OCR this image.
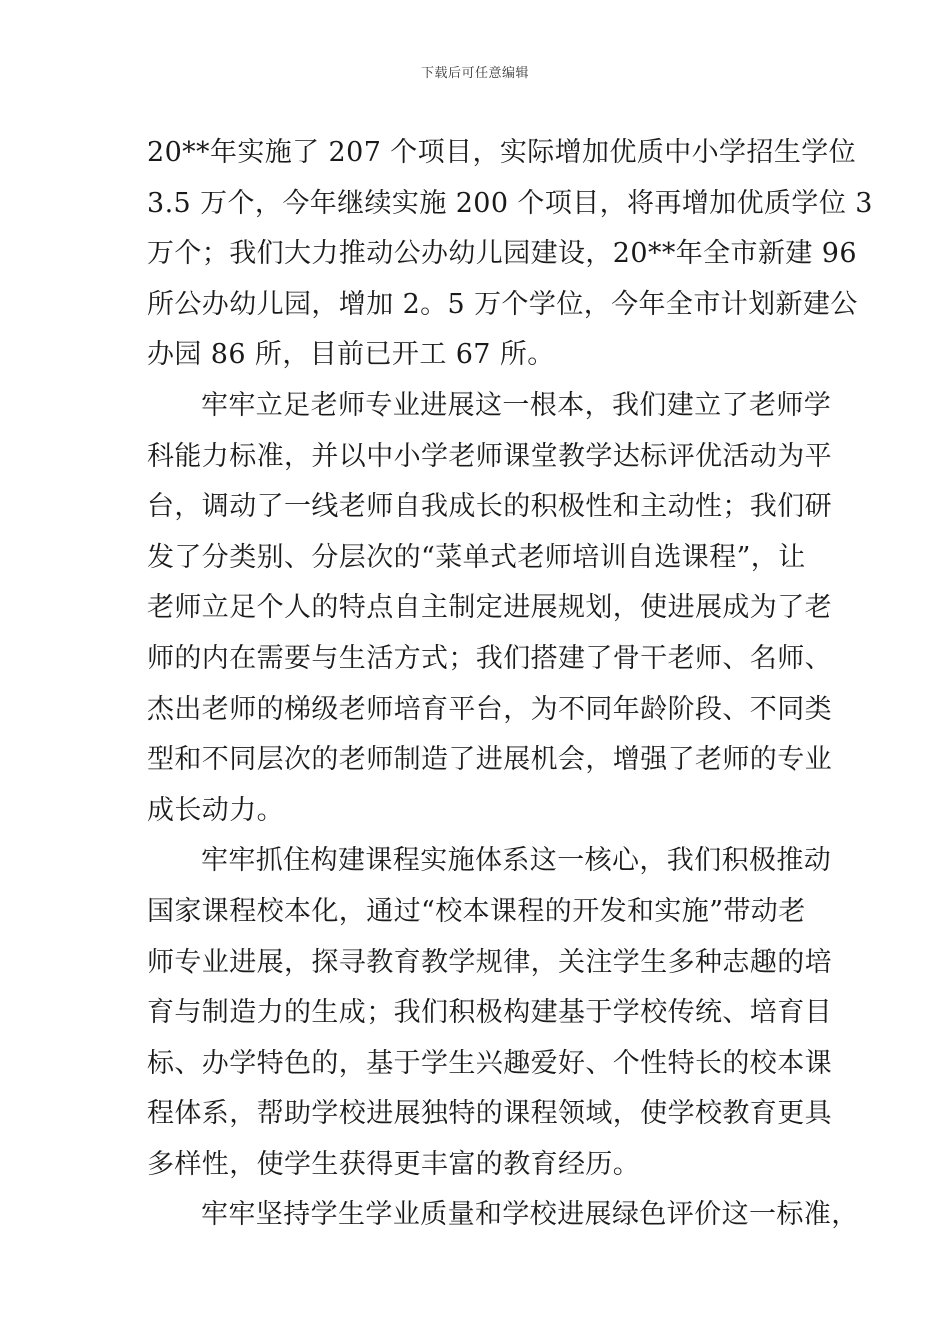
下载后可任意编辑
20**年实施了 207 个项目，实际增加优质中小学招生学位
3.5 万个，今年继续实施 200 个项目，将再增加优质学位 3
万个；我们大力推动公办幼儿园建设，20**年全市新建 96
所公办幼儿园，增加 2。5 万个学位，今年全市计划新建公
办园 86 所，目前已开工 67 所。
牢牢立足老师专业进展这一根本，我们建立了老师学
科能力标准，并以中小学老师课堂教学达标评优活动为平
台，调动了一线老师自我成长的积极性和主动性；我们研
发了分类别、分层次的“菜单式老师培训自选课程”，让
老师立足个人的特点自主制定进展规划，使进展成为了老
师的内在需要与生活方式；我们搭建了骨干老师、名师、
杰出老师的梯级老师培育平台，为不同年龄阶段、不同类
型和不同层次的老师制造了进展机会，增强了老师的专业
成长动力。
牢牢抓住构建课程实施体系这一核心，我们积极推动
国家课程校本化，通过“校本课程的开发和实施”带动老
师专业进展，探寻教育教学规律，关注学生多种志趣的培
育与制造力的生成；我们积极构建基于学校传统、培育目
标、办学特色的，基于学生兴趣爱好、个性特长的校本课
程体系，帮助学校进展独特的课程领域，使学校教育更具
多样性，使学生获得更丰富的教育经历。
牢牢坚持学生学业质量和学校进展绿色评价这一标准，
